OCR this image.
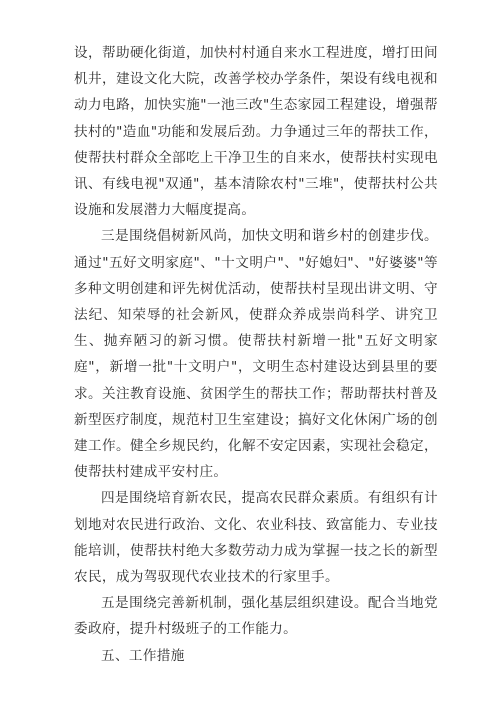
设，帮助硬化街道，加快村村通自来水工程进度，增打田间机井，建设文化大院，改善学校办学条件，架设有线电视和动力电路，加快实施"一池三改"生态家园工程建设，增强帮扶村的"造血"功能和发展后劲。力争通过三年的帮扶工作，使帮扶村群众全部吃上干净卫生的自来水，使帮扶村实现电讯、有线电视"双通"，基本清除农村"三堆"，使帮扶村公共设施和发展潜力大幅度提高。

三是围绕倡树新风尚，加快文明和谐乡村的创建步伐。通过"五好文明家庭"、"十文明户"、"好媳妇"、"好婆婆"等多种文明创建和评先树优活动，使帮扶村呈现出讲文明、守法纪、知荣辱的社会新风，使群众养成崇尚科学、讲究卫生、抛弃陋习的新习惯。使帮扶村新增一批"五好文明家庭"，新增一批"十文明户"，文明生态村建设达到县里的要求。关注教育设施、贫困学生的帮扶工作；帮助帮扶村普及新型医疗制度，规范村卫生室建设；搞好文化休闲广场的创建工作。健全乡规民约，化解不安定因素，实现社会稳定，使帮扶村建成平安村庄。

四是围绕培育新农民，提高农民群众素质。有组织有计划地对农民进行政治、文化、农业科技、致富能力、专业技能培训，使帮扶村绝大多数劳动力成为掌握一技之长的新型农民，成为驾驭现代农业技术的行家里手。

五是围绕完善新机制，强化基层组织建设。配合当地党委政府，提升村级班子的工作能力。

五、工作措施
